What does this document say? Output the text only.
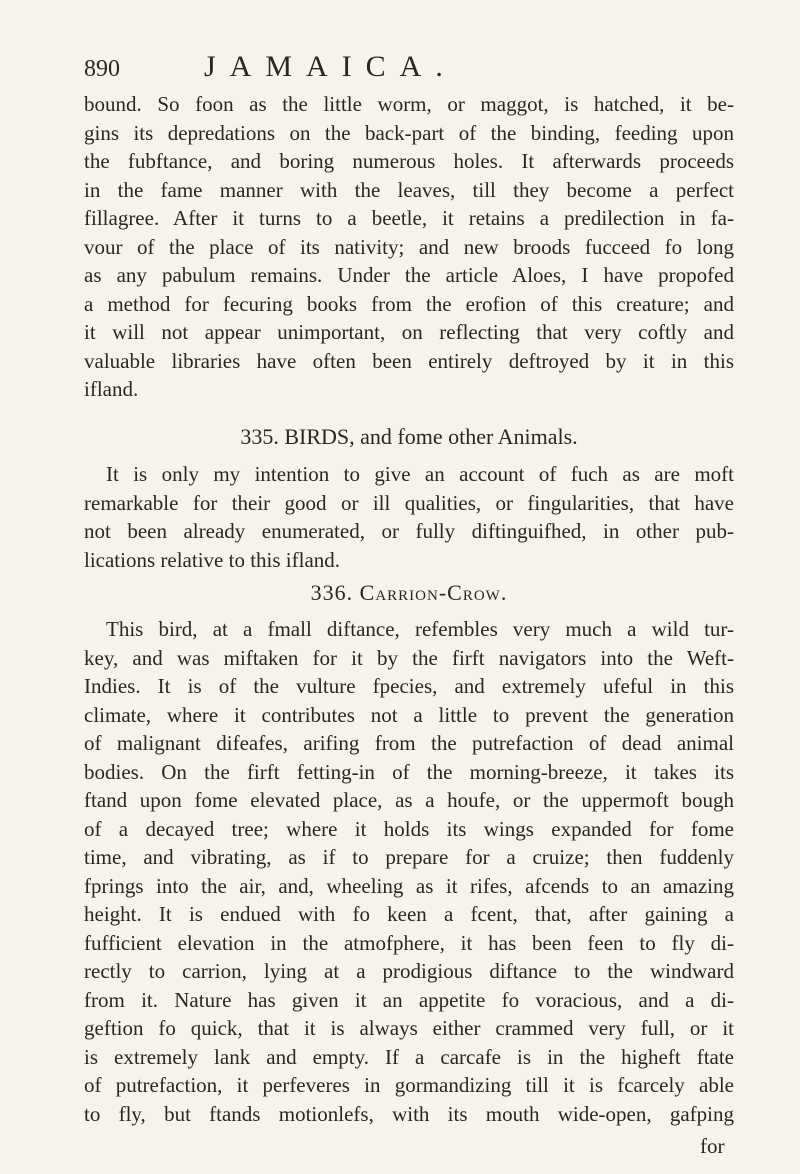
890	JAMAICA.
bound. So foon as the little worm, or maggot, is hatched, it be-
gins its depredations on the back-part of the binding, feeding upon
the fubftance, and boring numerous holes. It afterwards proceeds
in the fame manner with the leaves, till they become a perfect
fillagree. After it turns to a beetle, it retains a predilection in fa-
vour of the place of its nativity; and new broods fucceed fo long
as any pabulum remains. Under the article Aloes, I have propofed
a method for fecuring books from the erofion of this creature; and
it will not appear unimportant, on reflecting that very coftly and
valuable libraries have often been entirely deftroyed by it in this
ifland.
335. BIRDS, and fome other Animals.
It is only my intention to give an account of fuch as are moft
remarkable for their good or ill qualities, or fingularities, that have
not been already enumerated, or fully diftinguifhed, in other pub-
lications relative to this ifland.
336. Carrion-Crow.
This bird, at a fmall diftance, refembles very much a wild tur-
key, and was miftaken for it by the firft navigators into the Weft-
Indies. It is of the vulture fpecies, and extremely ufeful in this
climate, where it contributes not a little to prevent the generation
of malignant difeafes, arifing from the putrefaction of dead animal
bodies. On the firft fetting-in of the morning-breeze, it takes its
ftand upon fome elevated place, as a houfe, or the uppermoft bough
of a decayed tree; where it holds its wings expanded for fome
time, and vibrating, as if to prepare for a cruize; then fuddenly
fprings into the air, and, wheeling as it rifes, afcends to an amazing
height. It is endued with fo keen a fcent, that, after gaining a
fufficient elevation in the atmofphere, it has been feen to fly di-
rectly to carrion, lying at a prodigious diftance to the windward
from it. Nature has given it an appetite fo voracious, and a di-
geftion fo quick, that it is always either crammed very full, or it
is extremely lank and empty. If a carcafe is in the higheft ftate
of putrefaction, it perfeveres in gormandizing till it is fcarcely able
to fly, but ftands motionlefs, with its mouth wide-open, gafping
for
